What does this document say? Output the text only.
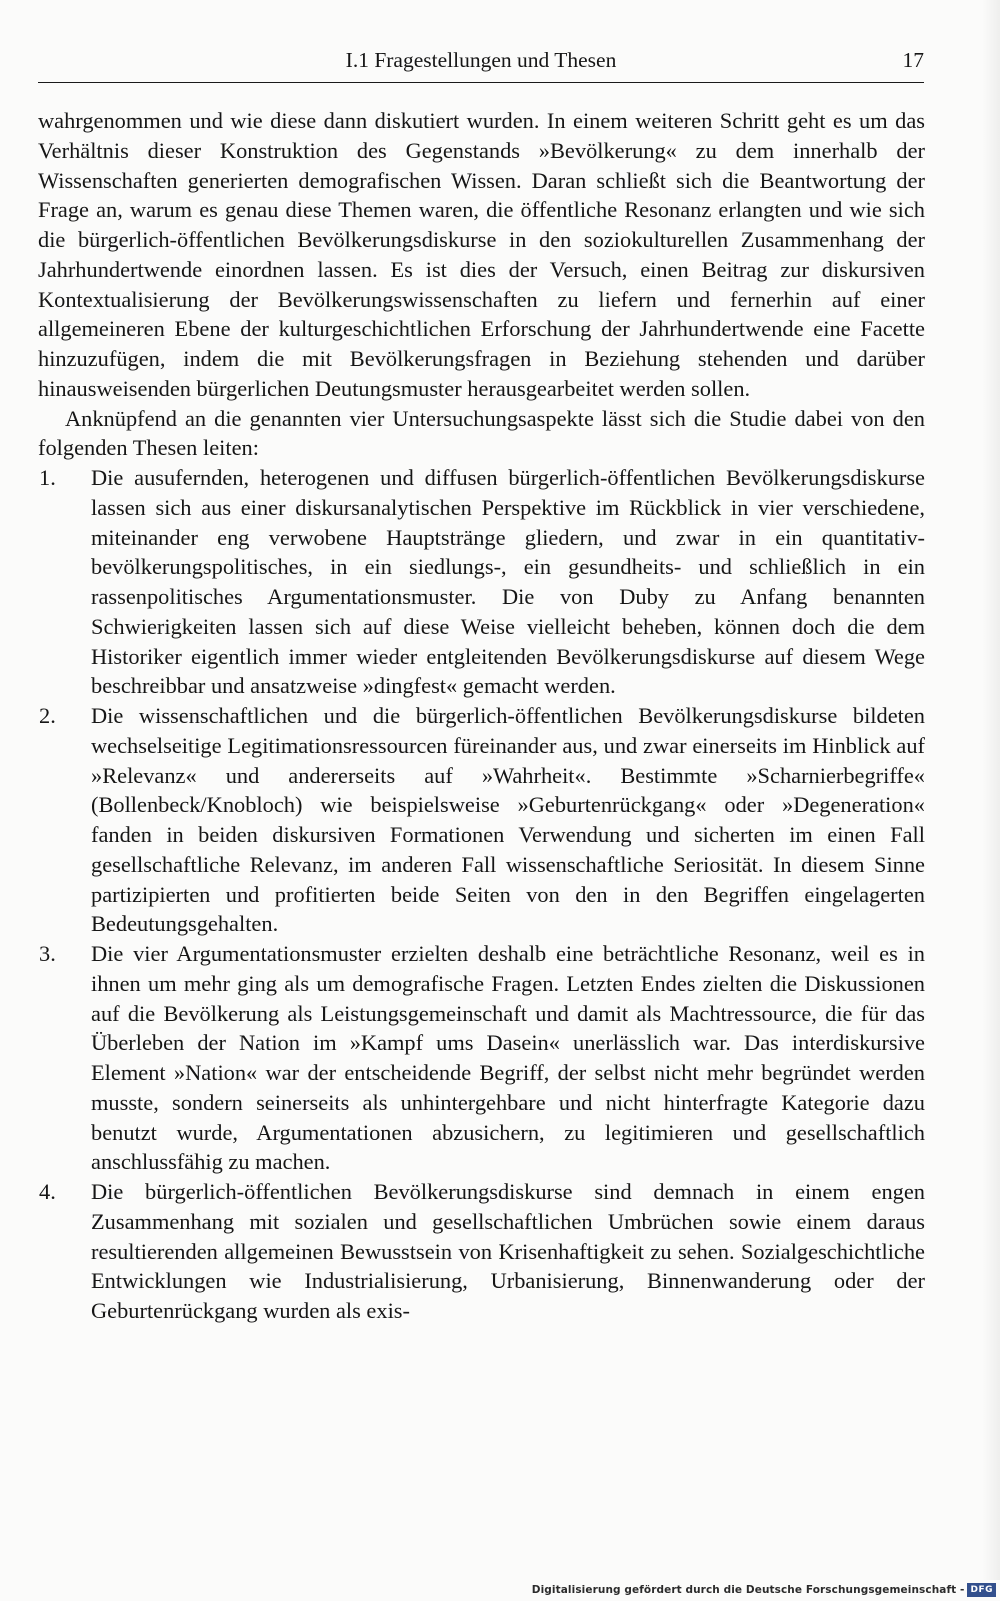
I.1 Fragestellungen und Thesen	17

wahrgenommen und wie diese dann diskutiert wurden. In einem weiteren Schritt geht es um das Verhältnis dieser Konstruktion des Gegenstands »Bevölkerung« zu dem innerhalb der Wissenschaften generierten demografischen Wissen. Daran schließt sich die Beantwortung der Frage an, warum es genau diese Themen waren, die öffentliche Resonanz erlangten und wie sich die bürgerlich-öffentlichen Bevölkerungsdiskurse in den soziokulturellen Zusammenhang der Jahrhundertwende einordnen lassen. Es ist dies der Versuch, einen Beitrag zur diskursiven Kontextualisierung der Bevölkerungswissenschaften zu liefern und fernerhin auf einer allgemeineren Ebene der kulturgeschichtlichen Erforschung der Jahrhundertwende eine Facette hinzuzufügen, indem die mit Bevölkerungsfragen in Beziehung stehenden und darüber hinausweisenden bürgerlichen Deutungsmuster herausgearbeitet werden sollen.

Anknüpfend an die genannten vier Untersuchungsaspekte lässt sich die Studie dabei von den folgenden Thesen leiten:

1. Die ausufernden, heterogenen und diffusen bürgerlich-öffentlichen Bevölkerungsdiskurse lassen sich aus einer diskursanalytischen Perspektive im Rückblick in vier verschiedene, miteinander eng verwobene Hauptstränge gliedern, und zwar in ein quantitativ-bevölkerungspolitisches, in ein siedlungs-, ein gesundheits- und schließlich in ein rassenpolitisches Argumentationsmuster. Die von Duby zu Anfang benannten Schwierigkeiten lassen sich auf diese Weise vielleicht beheben, können doch die dem Historiker eigentlich immer wieder entgleitenden Bevölkerungsdiskurse auf diesem Wege beschreibbar und ansatzweise »dingfest« gemacht werden.
2. Die wissenschaftlichen und die bürgerlich-öffentlichen Bevölkerungsdiskurse bildeten wechselseitige Legitimationsressourcen füreinander aus, und zwar einerseits im Hinblick auf »Relevanz« und andererseits auf »Wahrheit«. Bestimmte »Scharnierbegriffe« (Bollenbeck/Knobloch) wie beispielsweise »Geburtenrückgang« oder »Degeneration« fanden in beiden diskursiven Formationen Verwendung und sicherten im einen Fall gesellschaftliche Relevanz, im anderen Fall wissenschaftliche Seriosität. In diesem Sinne partizipierten und profitierten beide Seiten von den in den Begriffen eingelagerten Bedeutungsgehalten.
3. Die vier Argumentationsmuster erzielten deshalb eine beträchtliche Resonanz, weil es in ihnen um mehr ging als um demografische Fragen. Letzten Endes zielten die Diskussionen auf die Bevölkerung als Leistungsgemeinschaft und damit als Machtressource, die für das Überleben der Nation im »Kampf ums Dasein« unerlässlich war. Das interdiskursive Element »Nation« war der entscheidende Begriff, der selbst nicht mehr begründet werden musste, sondern seinerseits als unhintergehbare und nicht hinterfragte Kategorie dazu benutzt wurde, Argumentationen abzusichern, zu legitimieren und gesellschaftlich anschlussfähig zu machen.
4. Die bürgerlich-öffentlichen Bevölkerungsdiskurse sind demnach in einem engen Zusammenhang mit sozialen und gesellschaftlichen Umbrüchen sowie einem daraus resultierenden allgemeinen Bewusstsein von Krisenhaftigkeit zu sehen. Sozialgeschichtliche Entwicklungen wie Industrialisierung, Urbanisierung, Binnenwanderung oder der Geburtenrückgang wurden als exis-
Digitalisierung gefördert durch die Deutsche Forschungsgemeinschaft - DFG
